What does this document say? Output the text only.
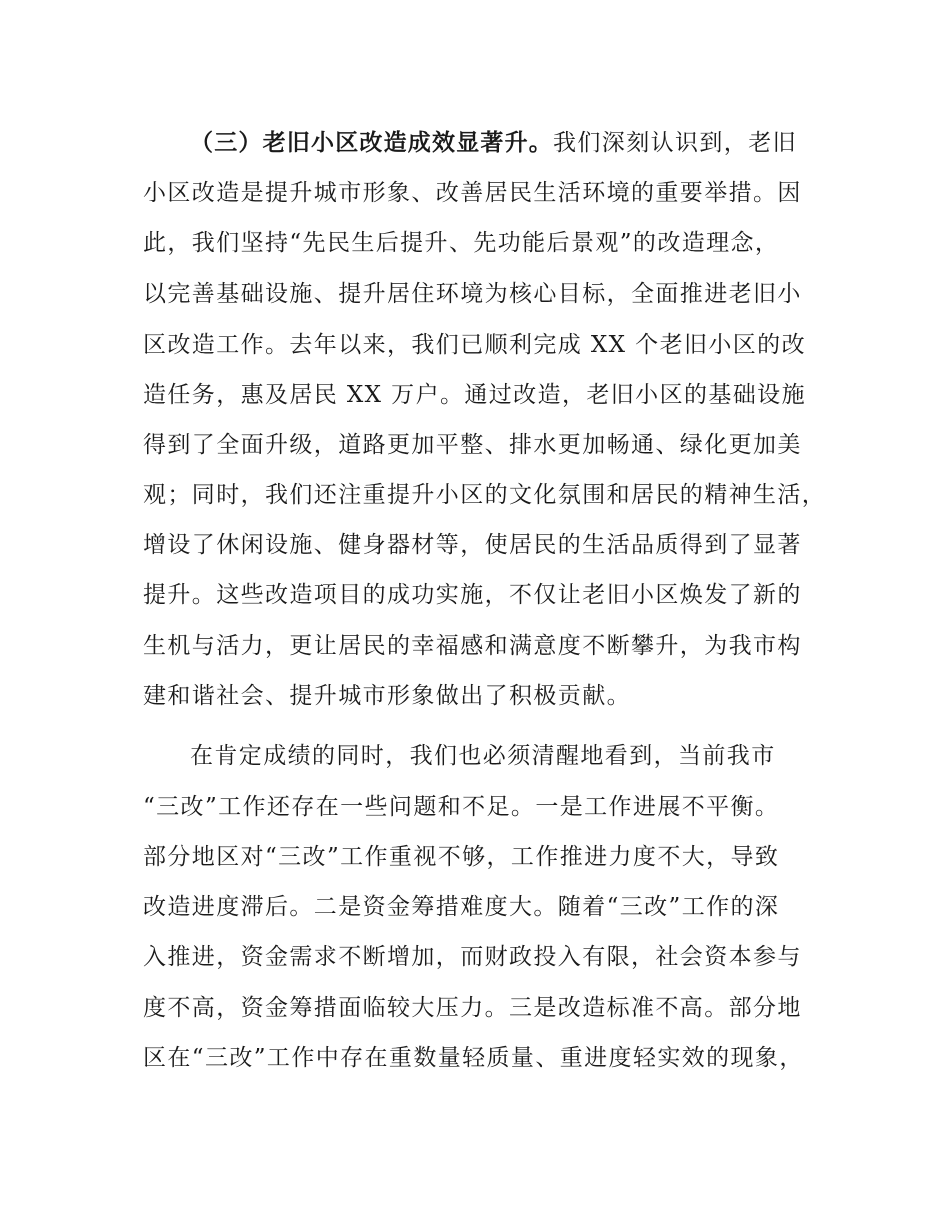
（三）老旧小区改造成效显著升。我们深刻认识到，老旧
小区改造是提升城市形象、改善居民生活环境的重要举措。因
此，我们坚持“先民生后提升、先功能后景观”的改造理念，
以完善基础设施、提升居住环境为核心目标，全面推进老旧小
区改造工作。去年以来，我们已顺利完成 XX 个老旧小区的改
造任务，惠及居民 XX 万户。通过改造，老旧小区的基础设施
得到了全面升级，道路更加平整、排水更加畅通、绿化更加美
观；同时，我们还注重提升小区的文化氛围和居民的精神生活，
增设了休闲设施、健身器材等，使居民的生活品质得到了显著
提升。这些改造项目的成功实施，不仅让老旧小区焕发了新的
生机与活力，更让居民的幸福感和满意度不断攀升，为我市构
建和谐社会、提升城市形象做出了积极贡献。
在肯定成绩的同时，我们也必须清醒地看到，当前我市
“三改”工作还存在一些问题和不足。一是工作进展不平衡。
部分地区对“三改”工作重视不够，工作推进力度不大，导致
改造进度滞后。二是资金筹措难度大。随着“三改”工作的深
入推进，资金需求不断增加，而财政投入有限，社会资本参与
度不高，资金筹措面临较大压力。三是改造标准不高。部分地
区在“三改”工作中存在重数量轻质量、重进度轻实效的现象，
